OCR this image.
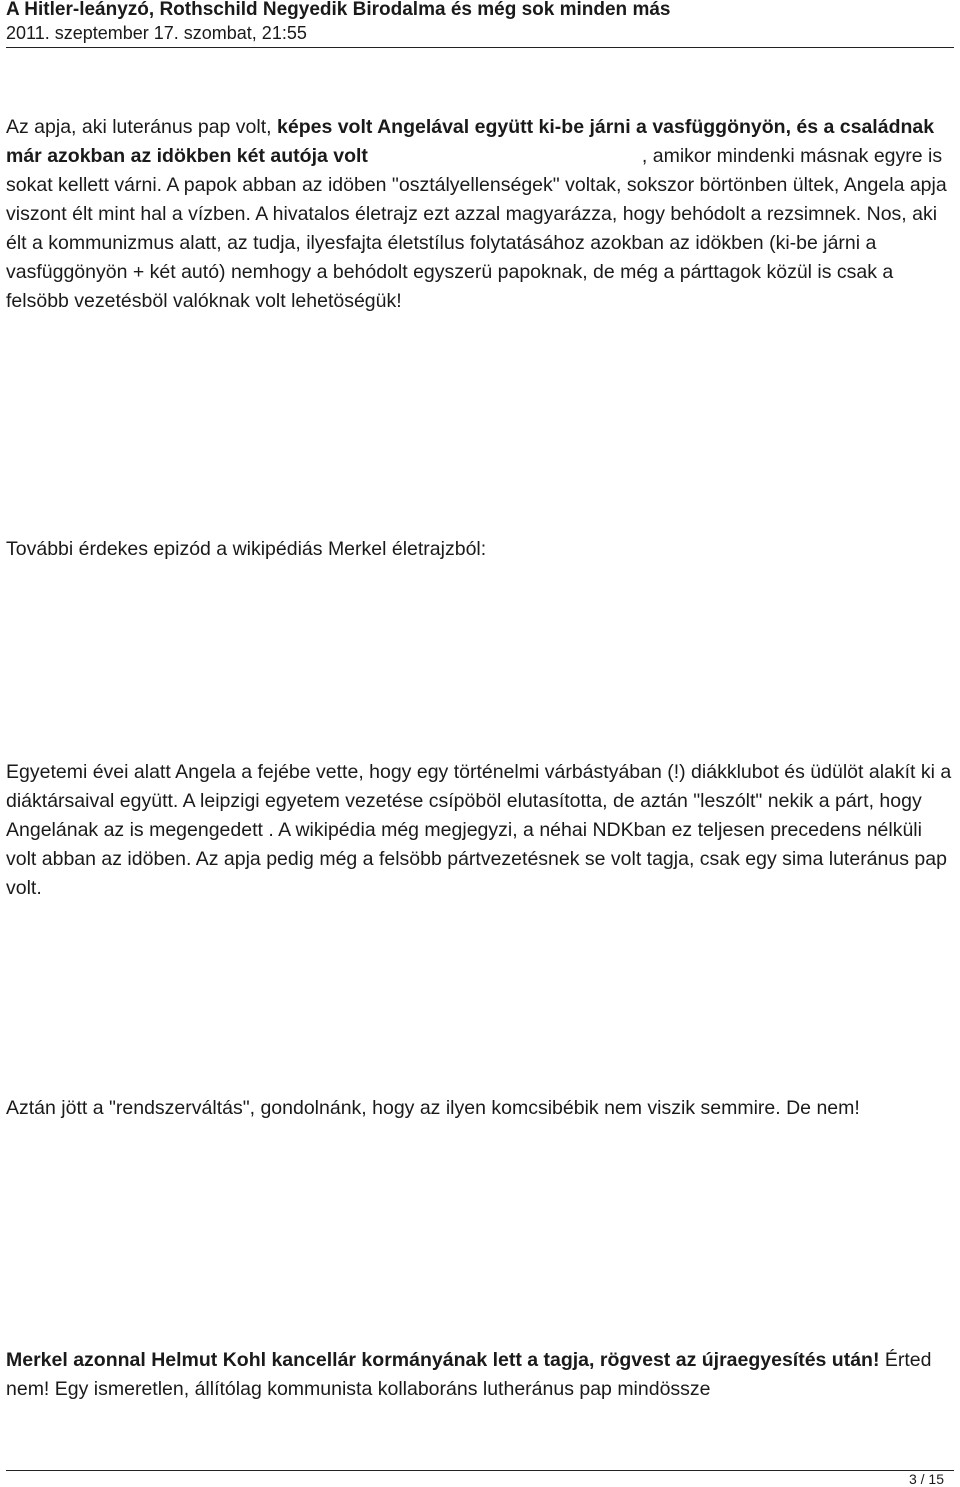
A Hitler-leányzó, Rothschild Negyedik Birodalma és még sok minden más
2011. szeptember 17. szombat, 21:55
Az apja, aki luteránus pap volt, képes volt Angelával együtt ki-be járni a vasfüggönyön, és a családnak már azokban az idökben két autója volt	, amikor mindenki másnak egyre is sokat kellett várni. A papok abban az idöben "osztályellenségek" voltak, sokszor börtönben ültek, Angela apja viszont élt mint hal a vízben. A hivatalos életrajz ezt azzal magyarázza, hogy behódolt a rezsimnek. Nos, aki élt a kommunizmus alatt, az tudja, ilyesfajta életstílus folytatásához azokban az idökben (ki-be járni a vasfüggönyön + két autó) nemhogy a behódolt egyszerü papoknak, de még a párttagok közül is csak a felsöbb vezetésböl valóknak volt lehetöségük!
További érdekes epizód a wikipédiás Merkel életrajzból:
Egyetemi évei alatt Angela a fejébe vette, hogy egy történelmi várbástyában (!) diákklubot és üdülöt alakít ki a diáktársaival együtt. A leipzigi egyetem vezetése csípöböl elutasította, de aztán "leszólt" nekik a párt, hogy Angelának az is megengedett . A wikipédia még megjegyzi, a néhai NDKban ez teljesen precedens nélküli volt abban az idöben. Az apja pedig még a felsöbb pártvezetésnek se volt tagja, csak egy sima luteránus pap volt.
Aztán jött a "rendszerváltás", gondolnánk, hogy az ilyen komcsibébik nem viszik semmire. De nem!
Merkel azonnal Helmut Kohl kancellár kormányának lett a tagja, rögvest az újraegyesítés után! Érted nem! Egy ismeretlen, állítólag kommunista kollaboráns lutheránus pap mindössze
3 / 15
